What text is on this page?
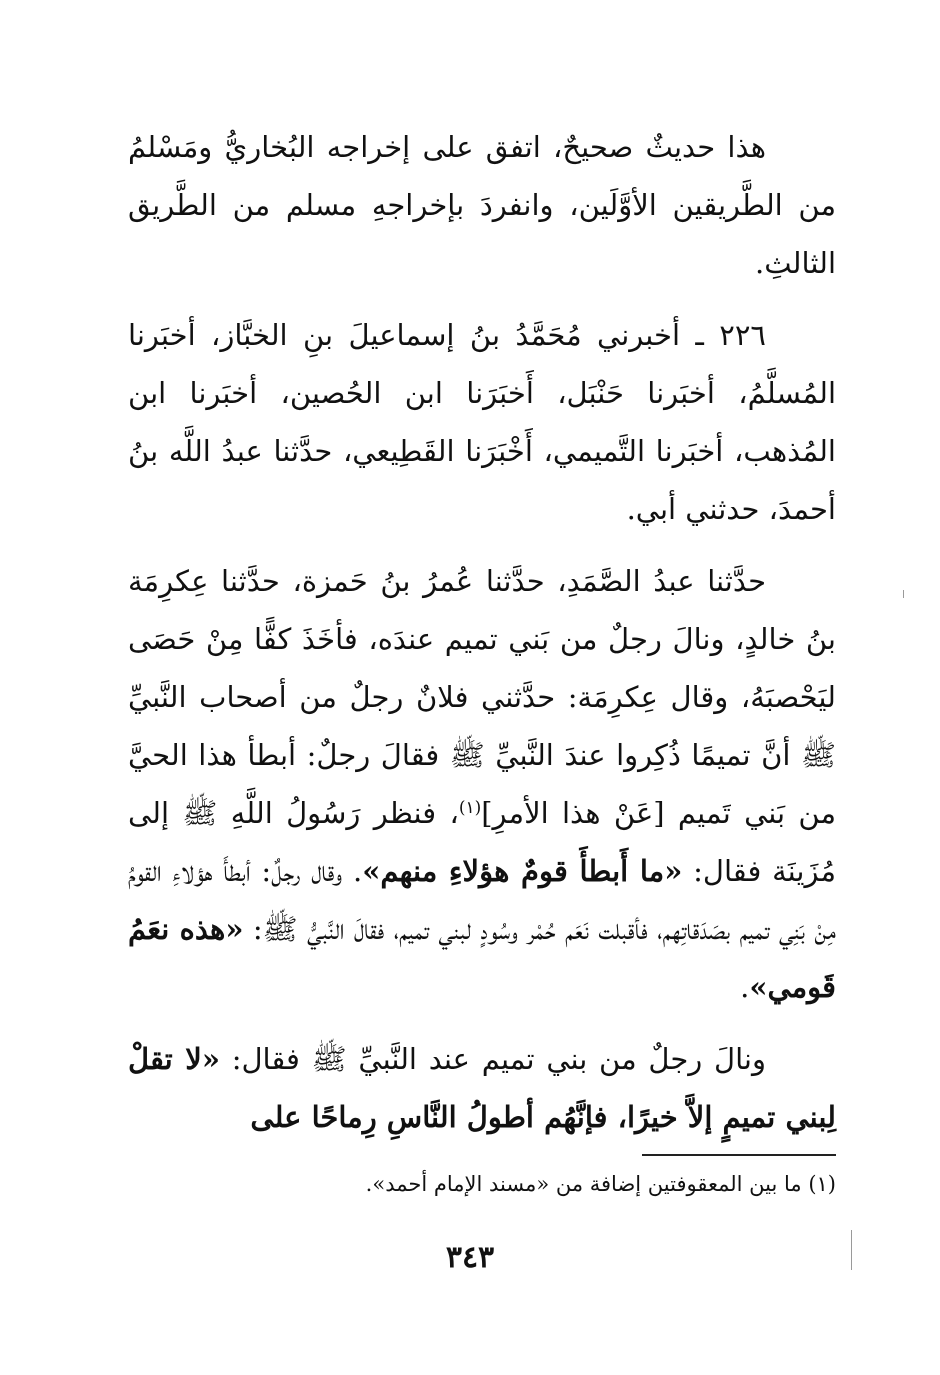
هذا حديثٌ صحيحٌ، اتفق على إخراجه البُخاريُّ ومَسْلمُ من الطَّريقين الأوَّلَين، وانفردَ بإخراجهِ مسلم من الطَّريق الثالثِ.

٢٢٦ ـ أخبرني مُحَمَّدُ بنُ إسماعيلَ بنِ الخبَّاز، أخبَرنا المُسلَّمُ، أخبَرنا حَنْبَل، أَخبَرَنا ابن الحُصين، أخبَرنا ابن المُذهب، أخبَرنا التَّميمي، أَخْبَرَنا القَطِيعي، حدَّثنا عبدُ اللَّه بنُ أحمدَ، حدثني أبي.

حدَّثنا عبدُ الصَّمَدِ، حدَّثنا عُمرُ بنُ حَمزة، حدَّثنا عِكرِمَة بنُ خالدٍ، ونالَ رجلٌ من بَني تميم عندَه، فأخَذَ كفًّا مِنْ حَصَى ليَحْصبَهُ، وقال عِكرِمَة: حدَّثني فلانٌ رجلٌ من أصحاب النَّبيِّ ﷺ أنَّ تميمًا ذُكِروا عندَ النَّبيِّ ﷺ فقالَ رجلٌ: أبطأ هذا الحيَّ من بَني تَميم [عَنْ هذا الأمرِ]$^{(١)}$، فنظر رَسُولُ اللَّهِ ﷺ إلى مُزَينَة فقال: «ما أَبطأَ قومٌ هؤلاءِ منهم». وقال رجلٌ: أبطأَ هؤلاءِ القومُ مِنْ بَنِي تميم بصَدَقاتِهم، فأقبلت نَعَم حُمْر وسُودٍ لبني تميم، فقالَ النَّبيُّ ﷺ: «هذه نعَمُ قَومي».

ونالَ رجلٌ من بني تميم عند النَّبيِّ ﷺ فقال: «لا تقلْ لِبني تميمٍ إلاَّ خيرًا، فإنَّهُم أطولُ النَّاسِ رِماحًا على

(١) ما بين المعقوفتين إضافة من «مسند الإمام أحمد».
٣٤٣
